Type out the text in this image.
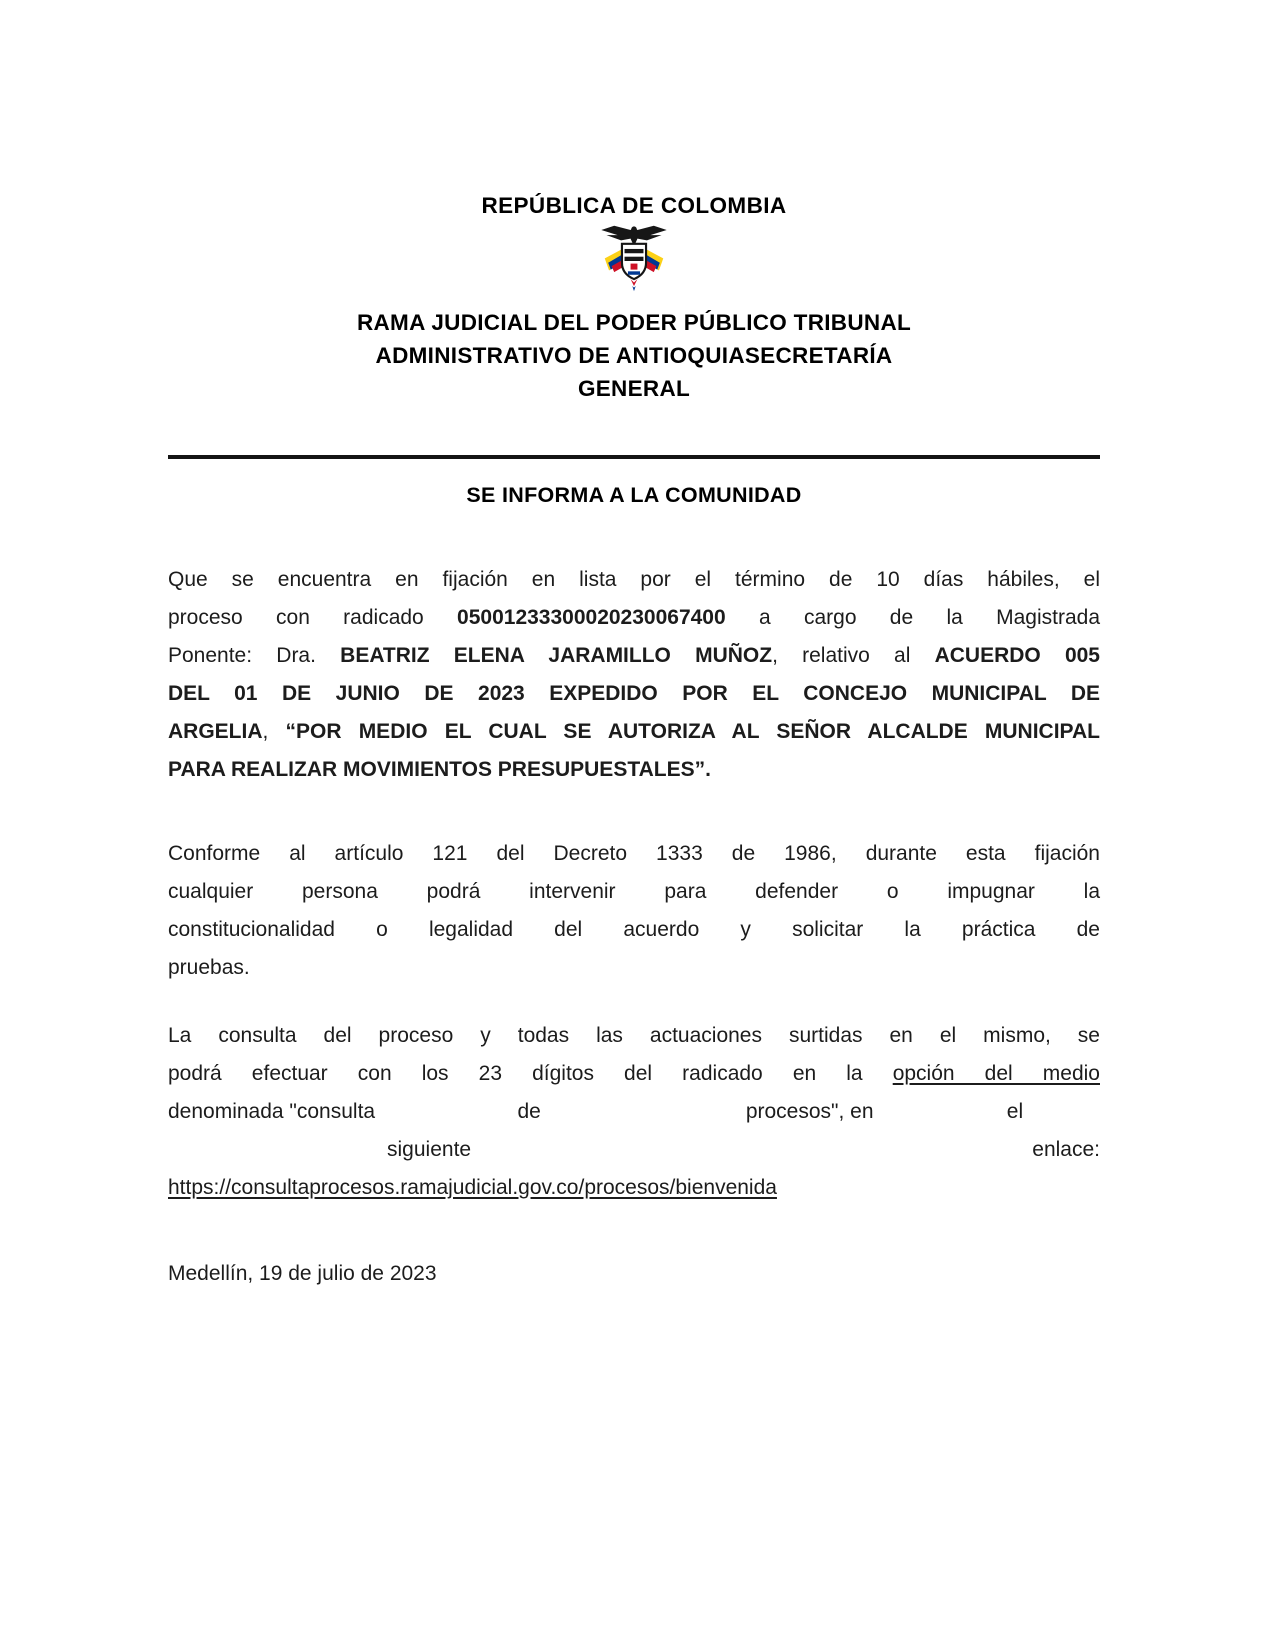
REPÚBLICA DE COLOMBIA
RAMA JUDICIAL DEL PODER PÚBLICO TRIBUNAL
ADMINISTRATIVO DE ANTIOQUIASECRETARÍA
GENERAL
SE INFORMA A LA COMUNIDAD
Que se encuentra en fijación en lista por el término de 10 días hábiles, el
proceso con radicado 05001233300020230067400 a cargo de la Magistrada
Ponente: Dra. BEATRIZ ELENA JARAMILLO MUÑOZ, relativo al ACUERDO 005
DEL 01 DE JUNIO DE 2023 EXPEDIDO POR EL CONCEJO MUNICIPAL DE
ARGELIA, “POR MEDIO EL CUAL SE AUTORIZA AL SEÑOR ALCALDE MUNICIPAL
PARA REALIZAR MOVIMIENTOS PRESUPUESTALES”.
Conforme al artículo 121 del Decreto 1333 de 1986, durante esta fijación
cualquier persona podrá intervenir para defender o impugnar la
constitucionalidad o legalidad del acuerdo y solicitar la práctica de
pruebas.
La consulta del proceso y todas las actuaciones surtidas en el mismo, se
podrá efectuar con los 23 dígitos del radicado en la opción del medio
denominada "consulta	de	procesos", en	el
siguiente	enlace:
https://consultaprocesos.ramajudicial.gov.co/procesos/bienvenida
Medellín, 19 de julio de 2023
